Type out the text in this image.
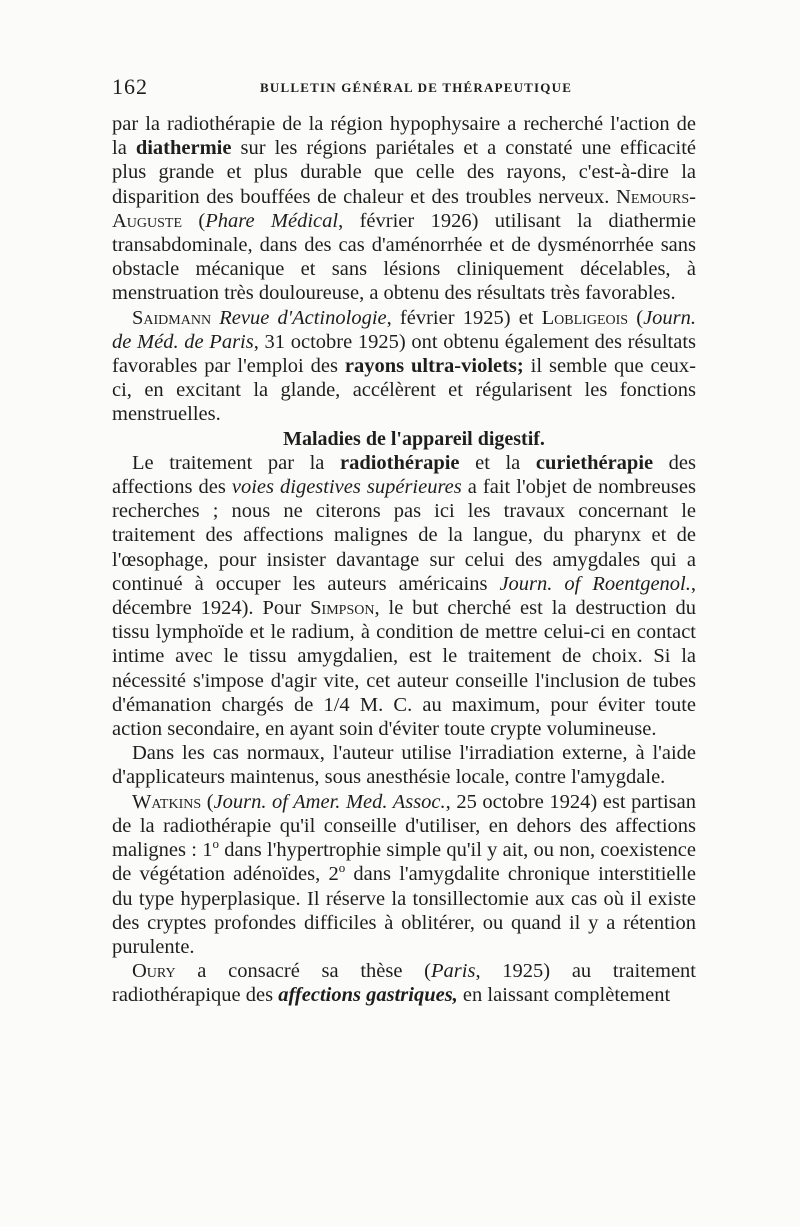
162	BULLETIN GÉNÉRAL DE THÉRAPEUTIQUE

par la radiothérapie de la région hypophysaire a recherché l'action de la diathermie sur les régions pariétales et a constaté une efficacité plus grande et plus durable que celle des rayons, c'est-à-dire la disparition des bouffées de chaleur et des troubles nerveux. Nemours-Auguste (Phare Médical, février 1926) utilisant la diathermie transabdominale, dans des cas d'aménorrhée et de dysménorrhée sans obstacle mécanique et sans lésions cliniquement décelables, à menstruation très douloureuse, a obtenu des résultats très favorables.

Saidmann Revue d'Actinologie, février 1925) et Lobligeois (Journ. de Méd. de Paris, 31 octobre 1925) ont obtenu également des résultats favorables par l'emploi des rayons ultra-violets; il semble que ceux-ci, en excitant la glande, accélèrent et régularisent les fonctions menstruelles.

Maladies de l'appareil digestif.

Le traitement par la radiothérapie et la curiethérapie des affections des voies digestives supérieures a fait l'objet de nombreuses recherches ; nous ne citerons pas ici les travaux concernant le traitement des affections malignes de la langue, du pharynx et de l'œsophage, pour insister davantage sur celui des amygdales qui a continué à occuper les auteurs américains Journ. of Roentgenol., décembre 1924). Pour Simpson, le but cherché est la destruction du tissu lymphoïde et le radium, à condition de mettre celui-ci en contact intime avec le tissu amygdalien, est le traitement de choix. Si la nécessité s'impose d'agir vite, cet auteur conseille l'inclusion de tubes d'émanation chargés de 1/4 M. C. au maximum, pour éviter toute action secondaire, en ayant soin d'éviter toute crypte volumineuse.

Dans les cas normaux, l'auteur utilise l'irradiation externe, à l'aide d'applicateurs maintenus, sous anesthésie locale, contre l'amygdale.

Watkins (Journ. of Amer. Med. Assoc., 25 octobre 1924) est partisan de la radiothérapie qu'il conseille d'utiliser, en dehors des affections malignes : 1$^o$ dans l'hypertrophie simple qu'il y ait, ou non, coexistence de végétation adénoïdes, 2$^o$ dans l'amygdalite chronique interstitielle du type hyperplasique. Il réserve la tonsillectomie aux cas où il existe des cryptes profondes difficiles à oblitérer, ou quand il y a rétention purulente.

Oury a consacré sa thèse (Paris, 1925) au traitement radiothérapique des affections gastriques, en laissant complètement
